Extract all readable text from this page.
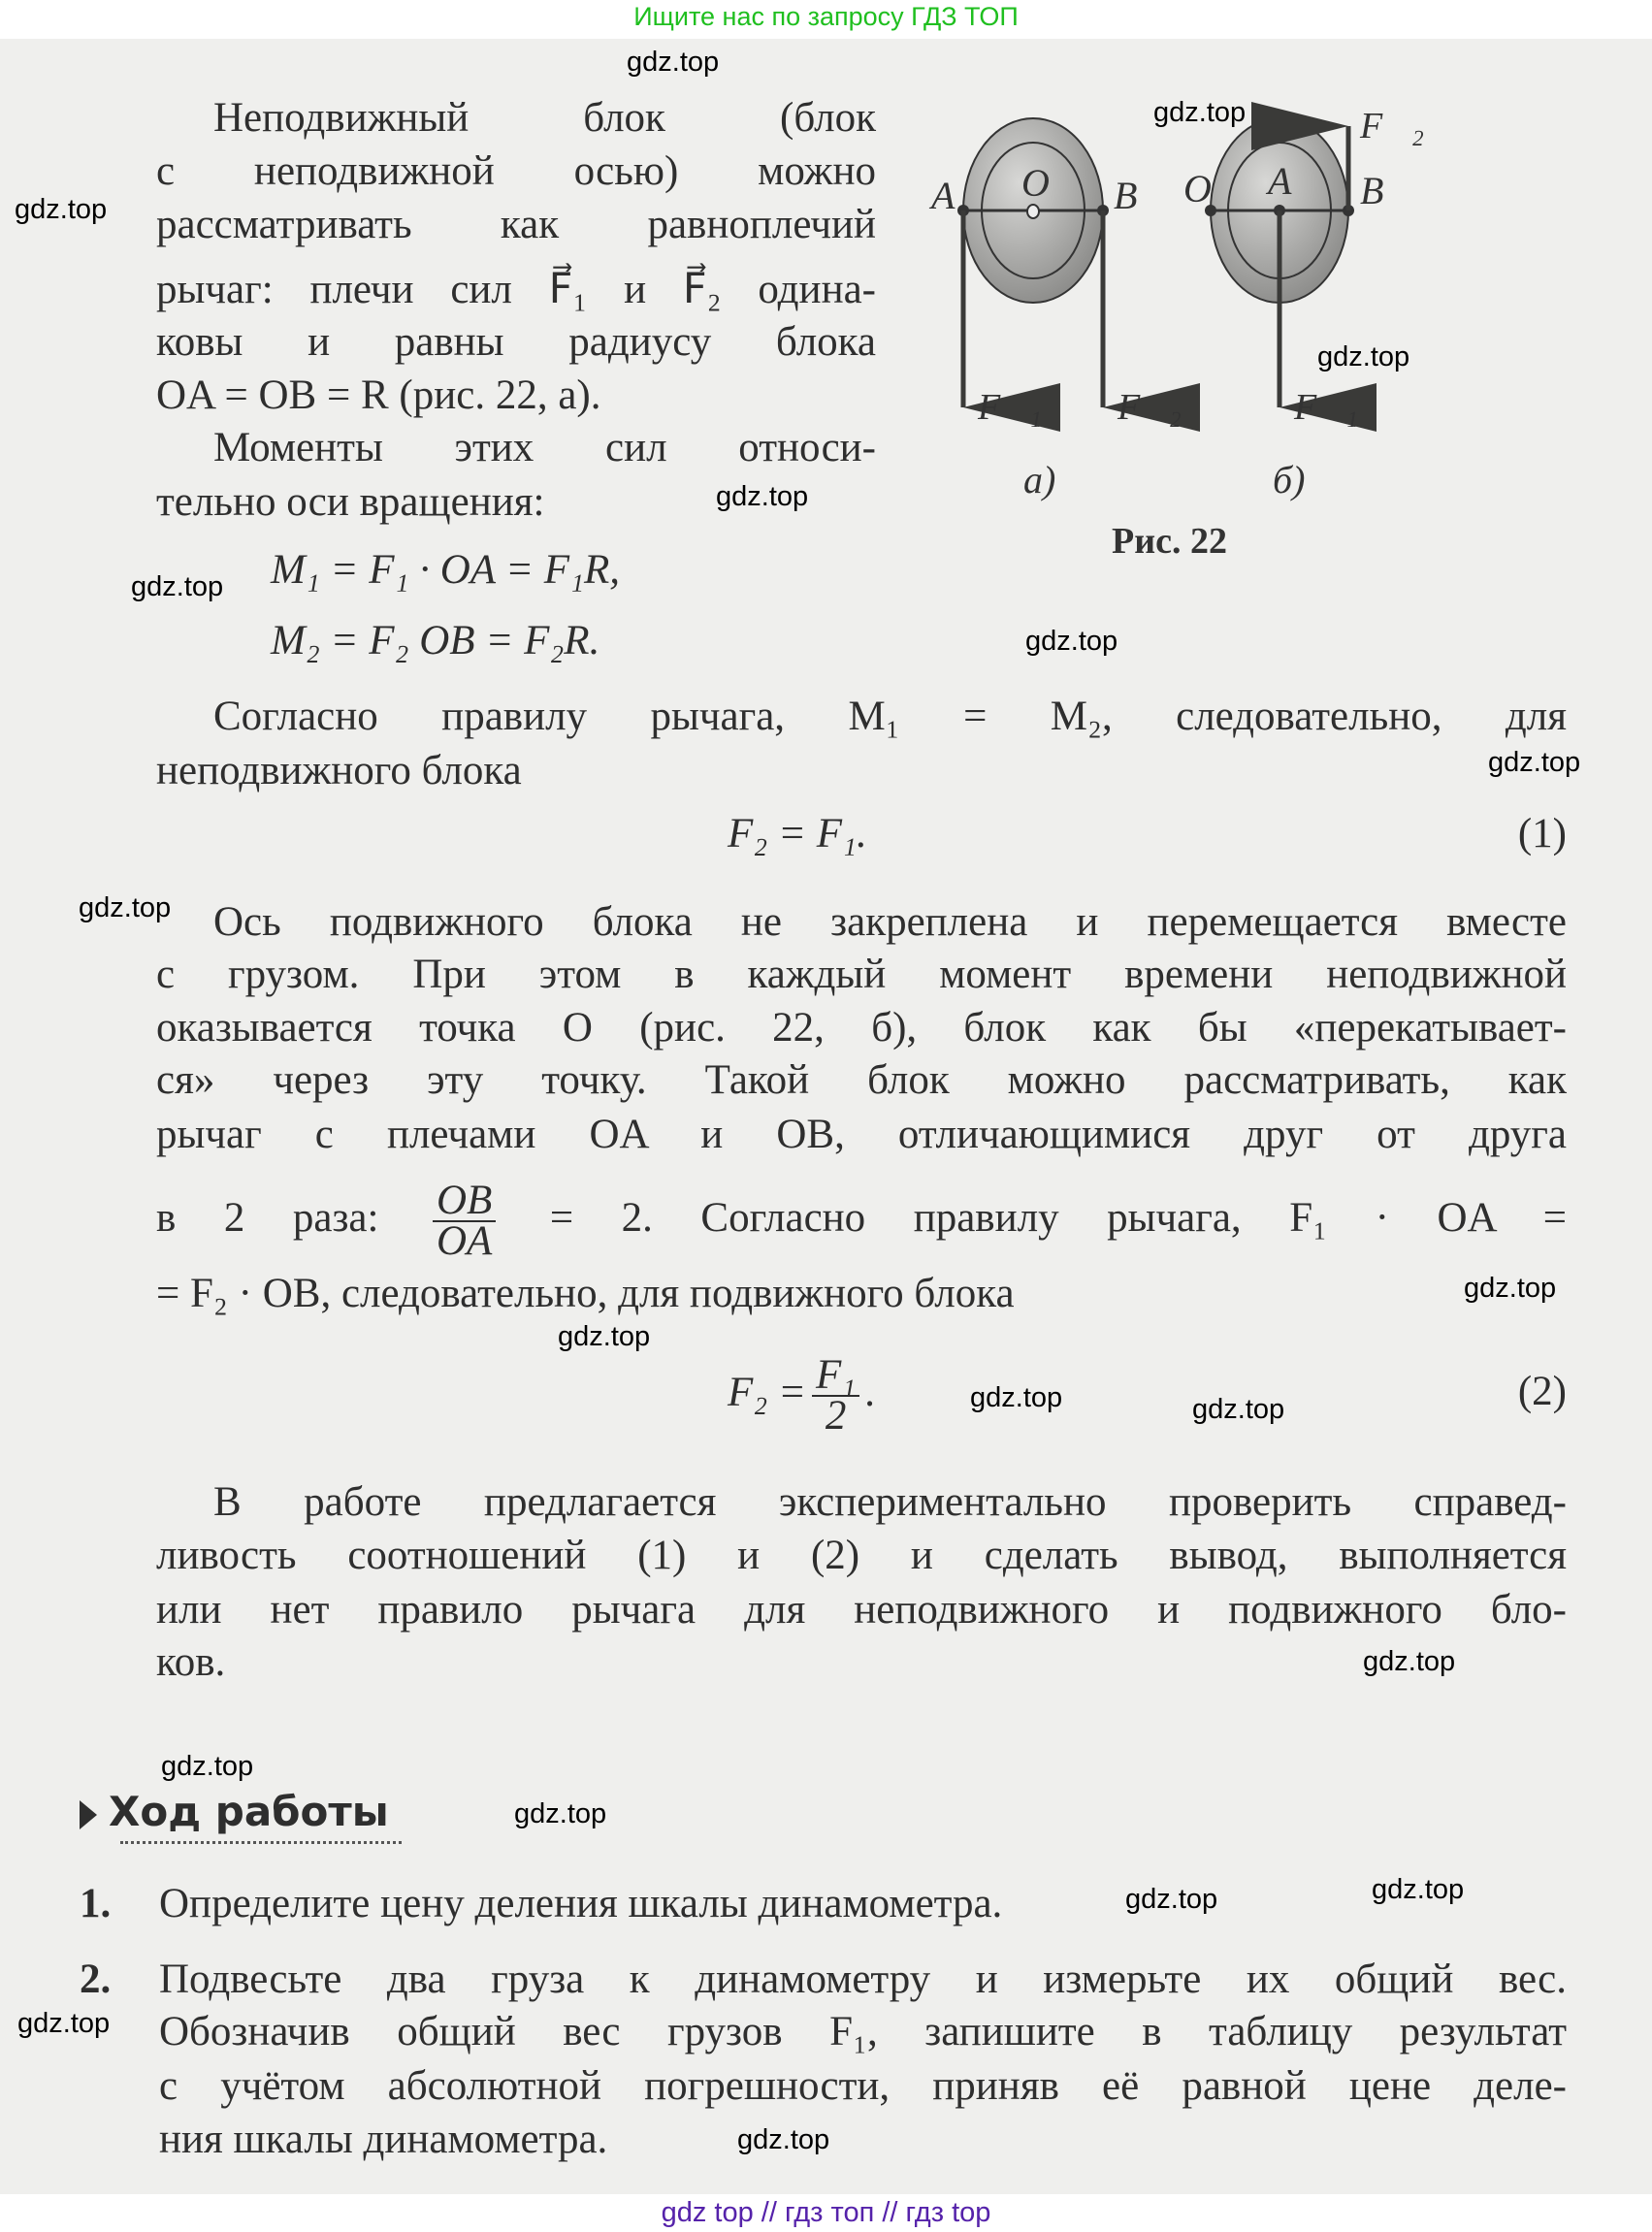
Ищите нас по запросу ГДЗ ТОП
Неподвижный блок (блок
с неподвижной осью) можно
рассматривать как равноплечий
рычаг: плечи сил F⃗₁ и F⃗₂ одина-
ковы и равны радиусу блока
OA = OB = R (рис. 22, a).
Моменты этих сил относи-
тельно оси вращения:
M₁ = F₁ · OA = F₁R,
M₂ = F₂ OB = F₂R.
Согласно правилу рычага, M₁ = M₂, следовательно, для
неподвижного блока
F₂ = F₁.	(1)
Ось подвижного блока не закреплена и перемещается вместе
с грузом. При этом в каждый момент времени неподвижной
оказывается точка O (рис. 22, б), блок как бы «перекатывает-
ся» через эту точку. Такой блок можно рассматривать, как
рычаг с плечами OA и OB, отличающимися друг от друга
в 2 раза: $\frac{OB}{OA} = 2$. Согласно правилу рычага, F₁ · OA =
= F₂ · OB, следовательно, для подвижного блока
$F_2 = \frac{\text{F₁}}{2}$ .	(2)
В работе предлагается экспериментально проверить справед-
ливость соотношений (1) и (2) и сделать вывод, выполняется
или нет правило рычага для неподвижного и подвижного бло-
ков.
Ход работы
1. Определите цену деления шкалы динамометра.
2. Подвесьте два груза к динамометру и измерьте их общий вес.
Обозначив общий вес грузов F₁, запишите в таблицу результат
с учётом абсолютной погрешности, приняв её равной цене деле-
ния шкалы динамометра.
A O B
F⃗₁ F⃗₂
O A B
F⃗₂
F⃗₁
а)	б)
Рис. 22
gdz.top
gdz.top
gdz.top
gdz.top
gdz.top
gdz.top
gdz.top
gdz.top
gdz.top
gdz.top
gdz.top
gdz.top
gdz.top
gdz.top
gdz.top
gdz.top
gdz.top
gdz.top
gdz.top
gdz.top
gdz top // гдз топ // гдз top
